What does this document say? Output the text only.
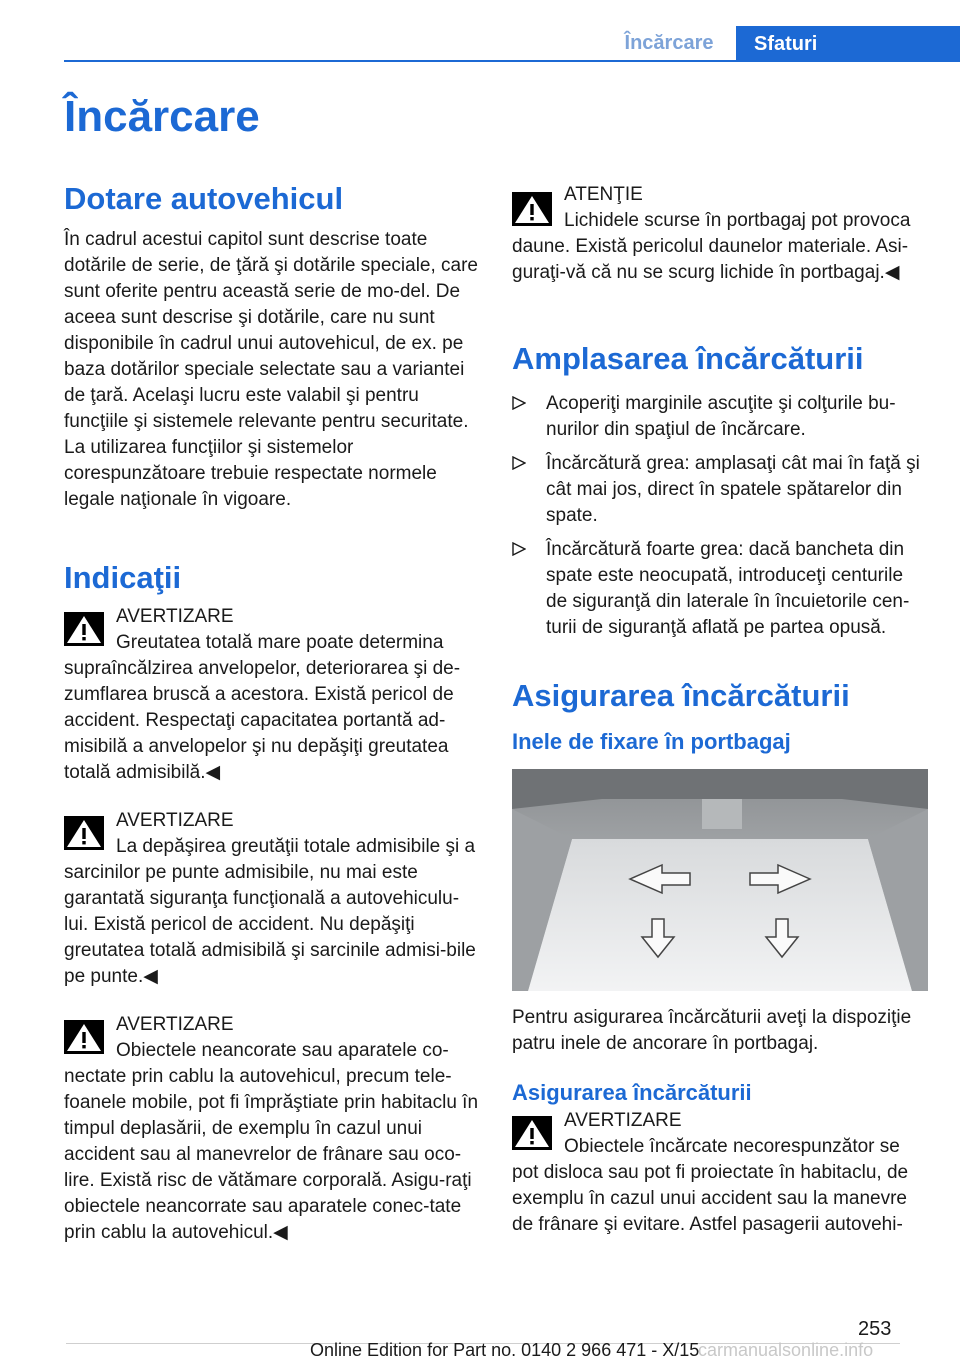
Încărcare	Sfaturi
Încărcare
Dotare autovehicul

În cadrul acestui capitol sunt descrise toate dotările de serie, de ţără şi dotările speciale, care sunt oferite pentru această serie de mo‐del. De aceea sunt descrise şi dotările, care nu sunt disponibile în cadrul unui autovehicul, de ex. pe baza dotărilor speciale selectate sau a variantei de ţară. Acelaşi lucru este valabil şi pentru funcţiile şi sistemele relevante pentru securitate. La utilizarea funcţiilor şi sistemelor corespunzătoare trebuie respectate normele legale naţionale în vigoare.

Indicaţii
AVERTIZARE
Greutatea totală mare poate determina supraîncălzirea anvelopelor, deteriorarea şi de‐zumflarea bruscă a acestora. Există pericol de accident. Respectaţi capacitatea portantă ad‐misibilă a anvelopelor şi nu depăşiţi greutatea totală admisibilă.◀
AVERTIZARE
La depăşirea greutăţii totale admisibile şi a sarcinilor pe punte admisibile, nu mai este garantată siguranţa funcţională a autovehiculu‐lui. Există pericol de accident. Nu depăşiţi greutatea totală admisibilă şi sarcinile admisi‐bile pe punte.◀
AVERTIZARE
Obiectele neancorate sau aparatele co‐nectate prin cablu la autovehicul, precum tele‐foanele mobile, pot fi împrăştiate prin habitaclu în timpul deplasării, de exemplu în cazul unui accident sau al manevrelor de frânare sau oco‐lire. Există risc de vătămare corporală. Asigu‐raţi obiectele neancorrate sau aparatele conec‐tate prin cablu la autovehicul.◀
ATENŢIE
Lichidele scurse în portbagaj pot provoca daune. Există pericolul daunelor materiale. Asi‐guraţi-vă că nu se scurg lichide în portbagaj.◀
Amplasarea încărcăturii
Acoperiţi marginile ascuţite şi colţurile bu‐nurilor din spaţiul de încărcare.
Încărcătură grea: amplasaţi cât mai în faţă şi cât mai jos, direct în spatele spătarelor din spate.
Încărcătură foarte grea: dacă bancheta din spate este neocupată, introduceţi centurile de siguranţă din laterale în încuietorile cen‐turii de siguranţă aflată pe partea opusă.
Asigurarea încărcăturii
Inele de fixare în portbagaj

Pentru asigurarea încărcăturii aveţi la dispoziţie patru inele de ancorare în portbagaj.

Asigurarea încărcăturii
AVERTIZARE
Obiectele încărcate necorespunzător se pot disloca sau pot fi proiectate în habitaclu, de exemplu în cazul unui accident sau la manevre de frânare şi evitare. Astfel pasagerii autovehi‐
253
Online Edition for Part no. 0140 2 966 471 - X/15
carmanualsonline.info
